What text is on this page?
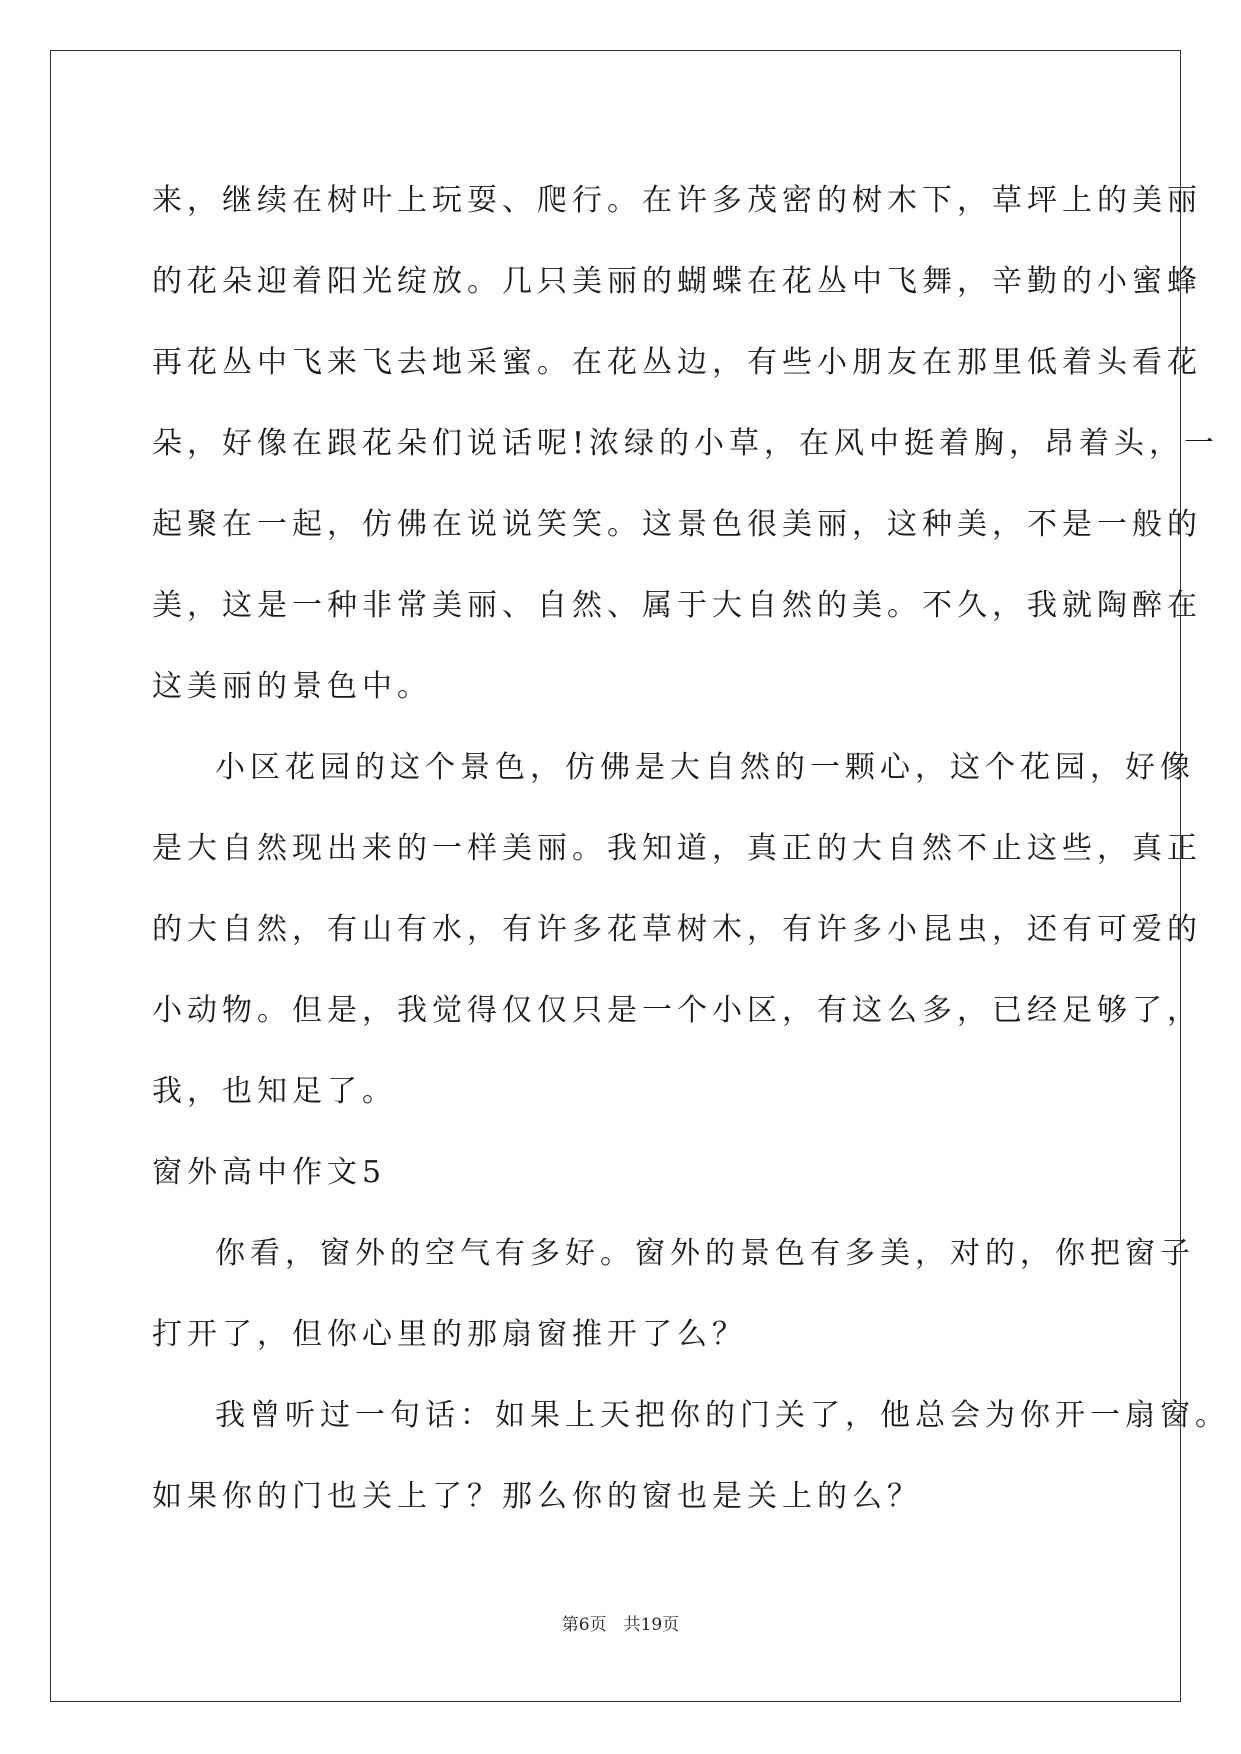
来，继续在树叶上玩耍、爬行。在许多茂密的树木下，草坪上的美丽
的花朵迎着阳光绽放。几只美丽的蝴蝶在花丛中飞舞，辛勤的小蜜蜂
再花丛中飞来飞去地采蜜。在花丛边，有些小朋友在那里低着头看花
朵，好像在跟花朵们说话呢!浓绿的小草，在风中挺着胸，昂着头，一
起聚在一起，仿佛在说说笑笑。这景色很美丽，这种美，不是一般的
美，这是一种非常美丽、自然、属于大自然的美。不久，我就陶醉在
这美丽的景色中。
小区花园的这个景色，仿佛是大自然的一颗心，这个花园，好像
是大自然现出来的一样美丽。我知道，真正的大自然不止这些，真正
的大自然，有山有水，有许多花草树木，有许多小昆虫，还有可爱的
小动物。但是，我觉得仅仅只是一个小区，有这么多，已经足够了，
我，也知足了。
窗外高中作文5
你看，窗外的空气有多好。窗外的景色有多美，对的，你把窗子
打开了，但你心里的那扇窗推开了么？
我曾听过一句话：如果上天把你的门关了，他总会为你开一扇窗。
如果你的门也关上了？那么你的窗也是关上的么？
第6页　共19页
